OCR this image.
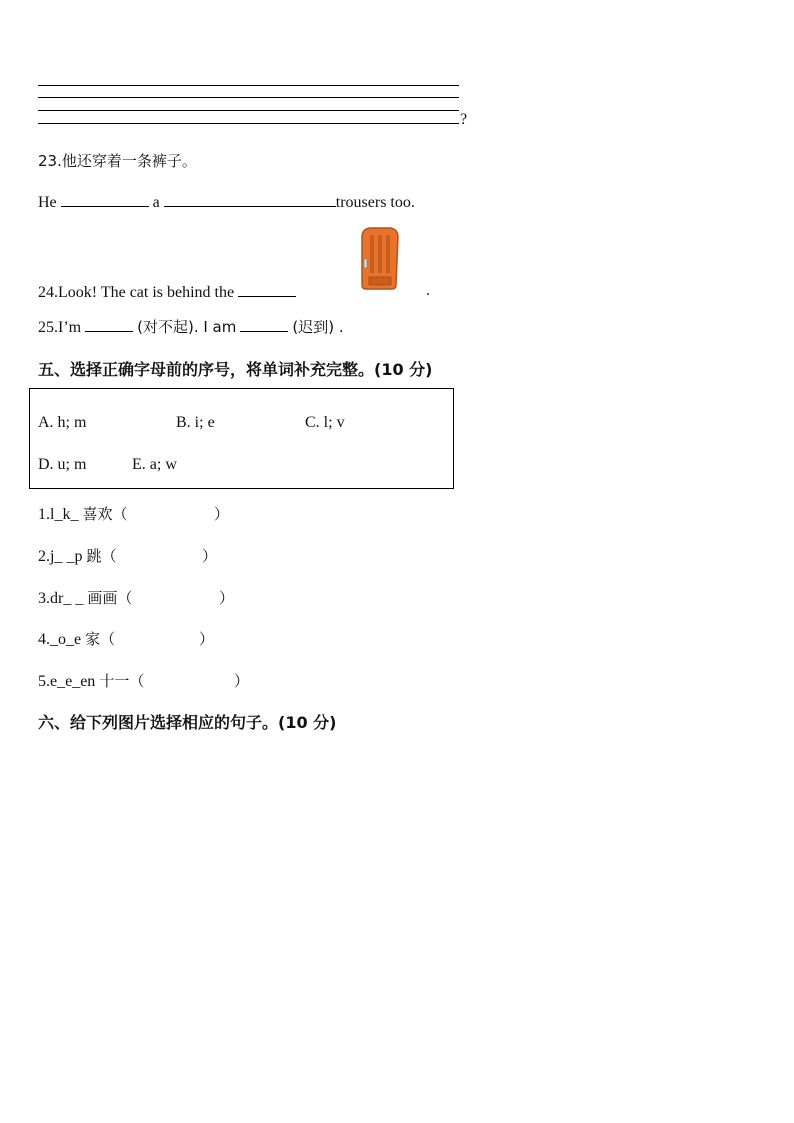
?
23.他还穿着一条裤子。
He	a	trousers too.
24.Look! The cat is behind the	.
25.I’m	(对不起). I am	(迟到) .
五、选择正确字母前的序号，将单词补充完整。(10 分)
A. h; m	B. i; e	C. l; v
D. u; m	E. a; w
1.l_k_ 喜欢（	）
2.j_ _p 跳（	）
3.dr_ _ 画画（	）
4._o_e 家（	）
5.e_e_en 十一（	）
六、给下列图片选择相应的句子。(10 分)
